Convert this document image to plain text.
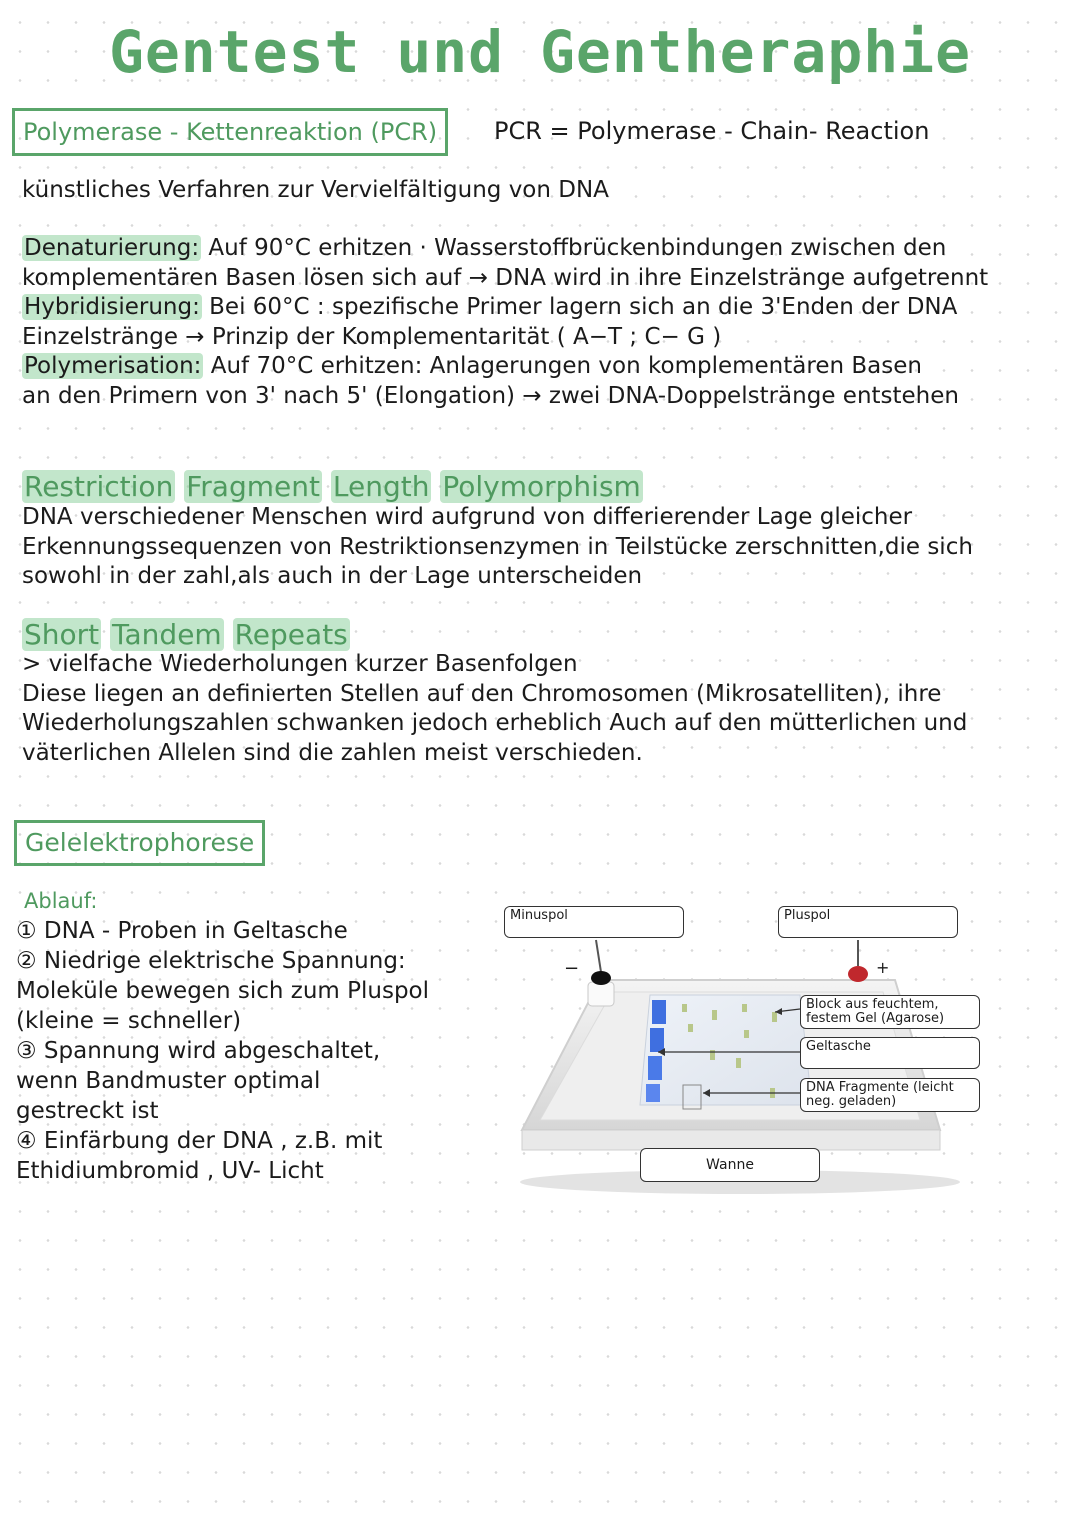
Gentest und Gentheraphie
Polymerase - Kettenreaktion (PCR)	PCR = Polymerase - Chain- Reaction
künstliches Verfahren zur Vervielfältigung von DNA
Denaturierung: Auf 90°C erhitzen · Wasserstoffbrückenbindungen zwischen den
komplementären Basen lösen sich auf → DNA wird in ihre Einzelstränge aufgetrennt
Hybridisierung: Bei 60°C : spezifische Primer lagern sich an die 3'Enden der DNA
Einzelstränge → Prinzip der Komplementarität ( A−T ; C− G )
Polymerisation: Auf 70°C erhitzen: Anlagerungen von komplementären Basen
an den Primern von 3' nach 5' (Elongation) → zwei DNA-Doppelstränge entstehen
Restriction Fragment Length Polymorphism
DNA verschiedener Menschen wird aufgrund von differierender Lage gleicher
Erkennungssequenzen von Restriktionsenzymen in Teilstücke zerschnitten,die sich
sowohl in der zahl,als auch in der Lage unterscheiden
Short Tandem Repeats
> vielfache Wiederholungen kurzer Basenfolgen
Diese liegen an definierten Stellen auf den Chromosomen (Mikrosatelliten), ihre
Wiederholungszahlen schwanken jedoch erheblich Auch auf den mütterlichen und
väterlichen Allelen sind die zahlen meist verschieden.
Gelelektrophorese
Ablauf:
① DNA - Proben in Geltasche
② Niedrige elektrische Spannung:
Moleküle bewegen sich zum Pluspol
(kleine = schneller)
③ Spannung wird abgeschaltet,
wenn Bandmuster optimal
gestreckt ist
④ Einfärbung der DNA , z.B. mit
Ethidiumbromid , UV- Licht
Minuspol	Pluspol
−	+
Block aus feuchtem, festem Gel (Agarose)
Geltasche
DNA Fragmente (leicht neg. geladen)
Wanne
